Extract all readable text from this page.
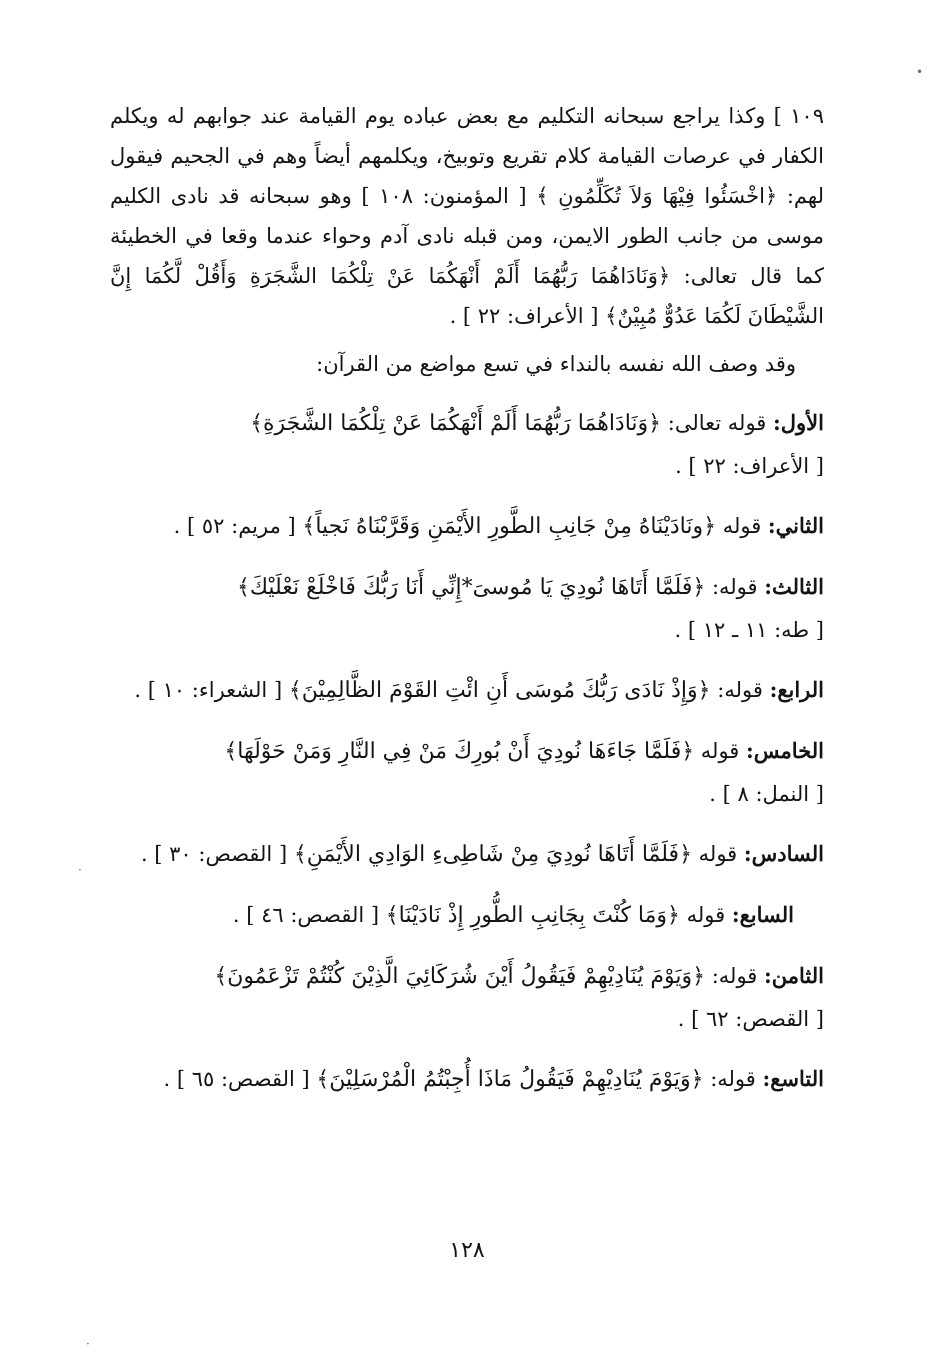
١٠٩ ] وكذا يراجع سبحانه التكليم مع بعض عباده يوم القيامة عند جوابهم له ويكلم الكفار في عرصات القيامة كلام تقريع وتوبيخ، ويكلمهم أيضاً وهم في الجحيم فيقول لهم: ﴿اخْسَئُوا فِيْهَا وَلاَ تُكَلِّمُونِ ﴾ [ المؤمنون: ١٠٨ ] وهو سبحانه قد نادى الكليم موسى من جانب الطور الايمن، ومن قبله نادى آدم وحواء عندما وقعا في الخطيئة كما قال تعالى: ﴿وَنَادَاهُمَا رَبُّهُمَا أَلَمْ أَنْهَكُمَا عَنْ تِلْكُمَا الشَّجَرَةِ وَأَقُلْ لَّكُمَا إِنَّ الشَّيْطَانَ لَكُمَا عَدُوٌّ مُبِيْنٌ﴾ [ الأعراف: ٢٢ ] .

وقد وصف الله نفسه بالنداء في تسع مواضع من القرآن:

الأول: قوله تعالى: ﴿وَنَادَاهُمَا رَبُّهُمَا أَلَمْ أَنْهَكُمَا عَنْ تِلْكُمَا الشَّجَرَةِ﴾ [ الأعراف: ٢٢ ] .
الثاني: قوله ﴿ونَادَيْنَاهُ مِنْ جَانِبِ الطَّورِ الأَيْمَنِ وَقَرَّبْنَاهُ نَجياً﴾ [ مريم: ٥٢ ] .
الثالث: قوله: ﴿فَلَمَّا أَتَاهَا نُودِيَ يَا مُوسىَ*إِنِّي أَنَا رَبُّكَ فَاخْلَعْ نَعْلَيْكَ﴾ [ طه: ١١ ـ ١٢ ] .
الرابع: قوله: ﴿وَإِذْ نَادَى رَبُّكَ مُوسَى أَنِ ائْتِ القَوْمَ الظَّالِمِيْنَ﴾ [ الشعراء: ١٠ ] .
الخامس: قوله ﴿فَلَمَّا جَاءَهَا نُودِيَ أَنْ بُورِكَ مَنْ فِي النَّارِ وَمَنْ حَوْلَهَا﴾ [ النمل: ٨ ] .
السادس: قوله ﴿فَلَمَّا أَتَاهَا نُودِيَ مِنْ شَاطِىءِ الوَادِي الأَيْمَنِ﴾ [ القصص: ٣٠ ] .
السابع: قوله ﴿وَمَا كُنْتَ بِجَانِبِ الطُّورِ إِذْ نَادَيْنَا﴾ [ القصص: ٤٦ ] .
الثامن: قوله: ﴿وَيَوْمَ يُنَادِيْهِمْ فَيَقُولُ أَيْنَ شُرَكَائِيَ الَّذِيْنَ كُنْتُمْ تَزْعَمُونَ﴾ [ القصص: ٦٢ ] .
التاسع: قوله: ﴿وَيَوْمَ يُنَادِيْهِمْ فَيَقُولُ مَاذَا أُجِبْتُمُ الْمُرْسَلِيْنَ﴾ [ القصص: ٦٥ ] .
١٢٨
•
·
·
